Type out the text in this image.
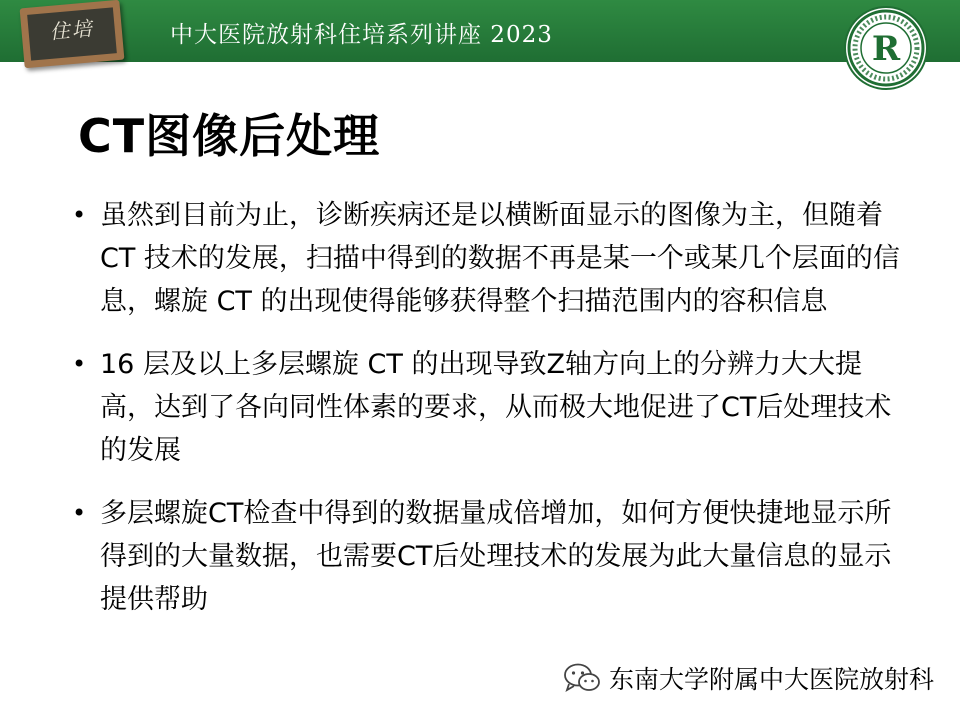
住培	中大医院放射科住培系列讲座 2023	R
CT图像后处理
• 虽然到目前为止，诊断疾病还是以横断面显示的图像为主，但随着 CT 技术的发展，扫描中得到的数据不再是某一个或某几个层面的信息，螺旋 CT 的出现使得能够获得整个扫描范围内的容积信息
• 16 层及以上多层螺旋 CT 的出现导致Z轴方向上的分辨力大大提高，达到了各向同性体素的要求，从而极大地促进了CT后处理技术的发展
• 多层螺旋CT检查中得到的数据量成倍增加，如何方便快捷地显示所得到的大量数据，也需要CT后处理技术的发展为此大量信息的显示提供帮助
东南大学附属中大医院放射科
